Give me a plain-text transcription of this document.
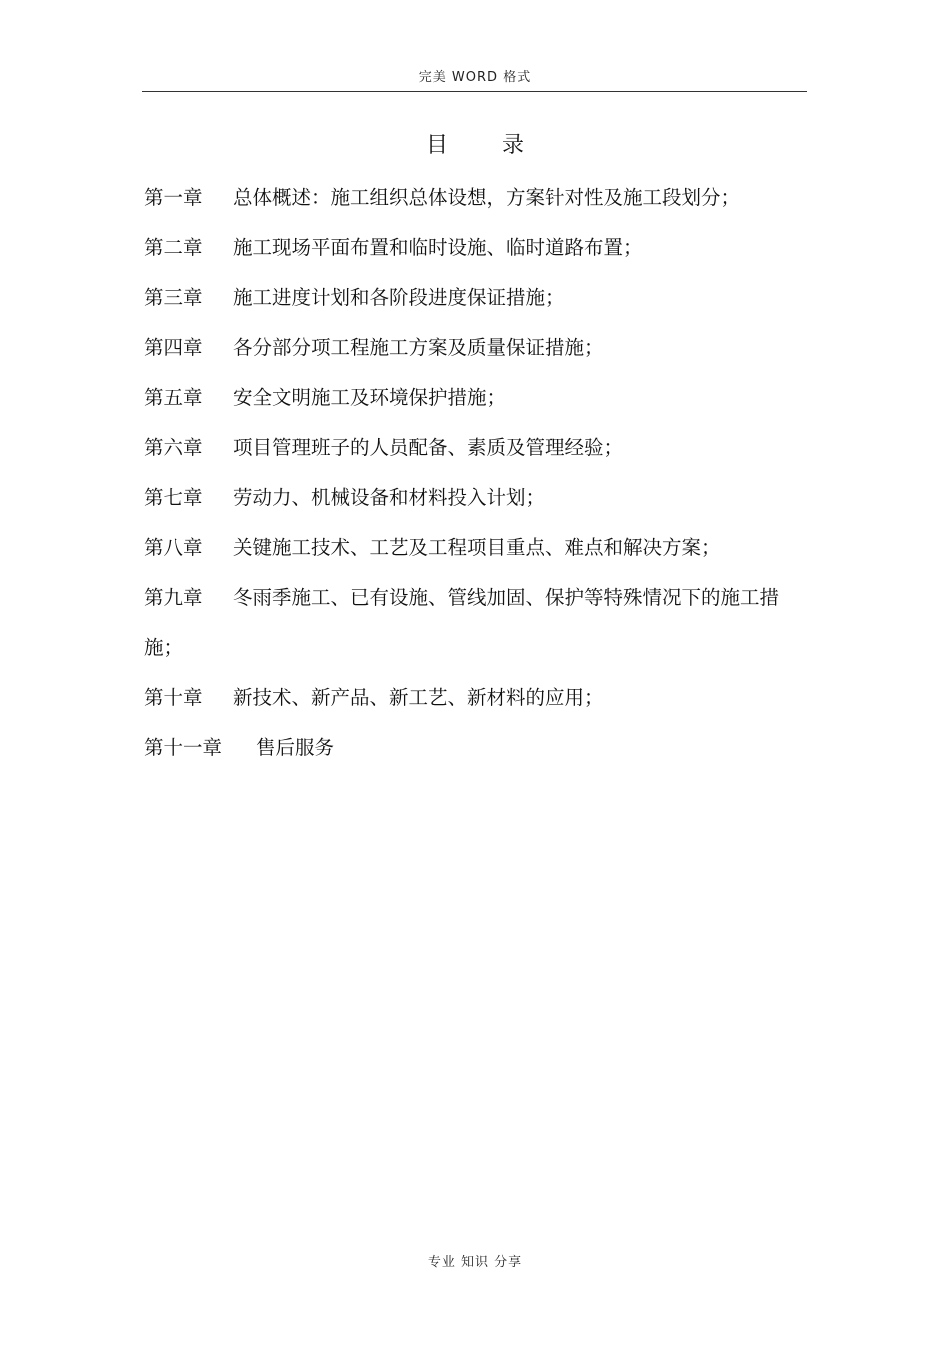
完美 WORD 格式
目 录
第一章 总体概述：施工组织总体设想，方案针对性及施工段划分；
第二章 施工现场平面布置和临时设施、临时道路布置；
第三章 施工进度计划和各阶段进度保证措施；
第四章 各分部分项工程施工方案及质量保证措施；
第五章 安全文明施工及环境保护措施；
第六章 项目管理班子的人员配备、素质及管理经验；
第七章 劳动力、机械设备和材料投入计划；
第八章 关键施工技术、工艺及工程项目重点、难点和解决方案；
第九章 冬雨季施工、已有设施、管线加固、保护等特殊情况下的施工措施；
第十章 新技术、新产品、新工艺、新材料的应用；
第十一章 售后服务
专业 知识 分享
